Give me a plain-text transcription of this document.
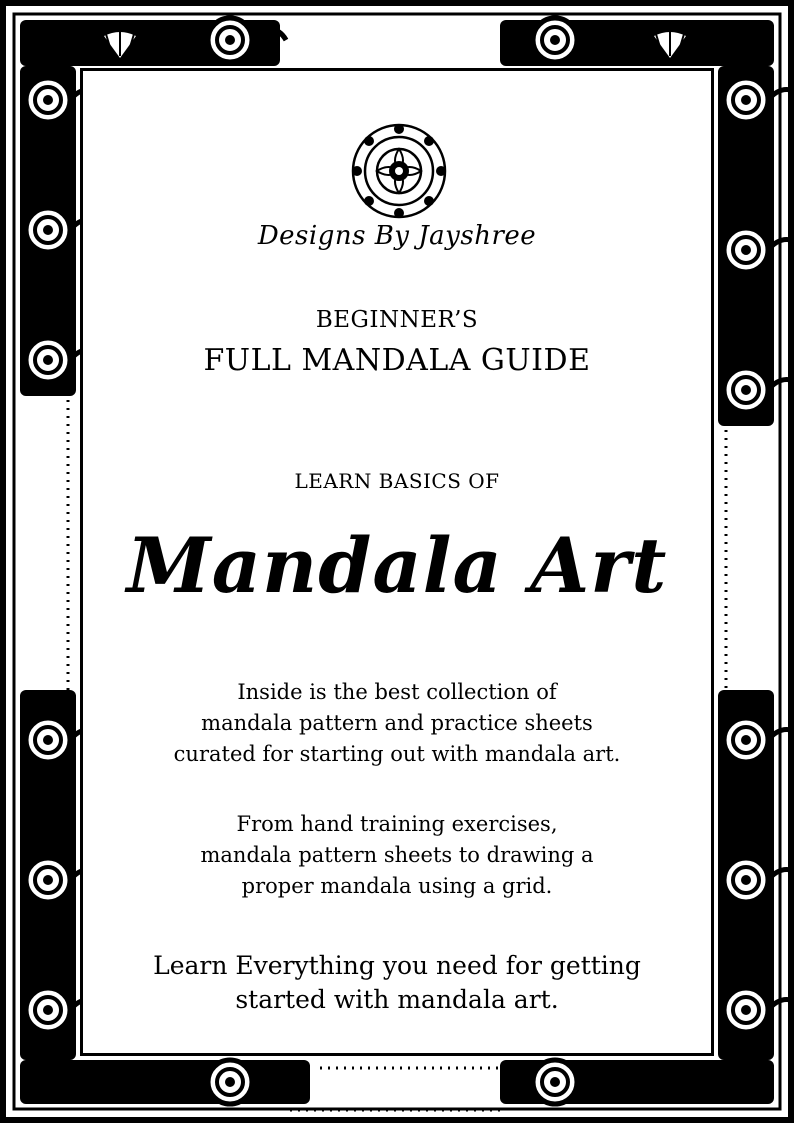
Designs By Jayshree
BEGINNER’S
FULL MANDALA GUIDE
LEARN BASICS OF
Mandala Art
Inside is the best collection of
mandala pattern and practice sheets
curated for starting out with mandala art.
From hand training exercises,
mandala pattern sheets to drawing a
proper mandala using a grid.
Learn Everything you need for getting
started with mandala art.
